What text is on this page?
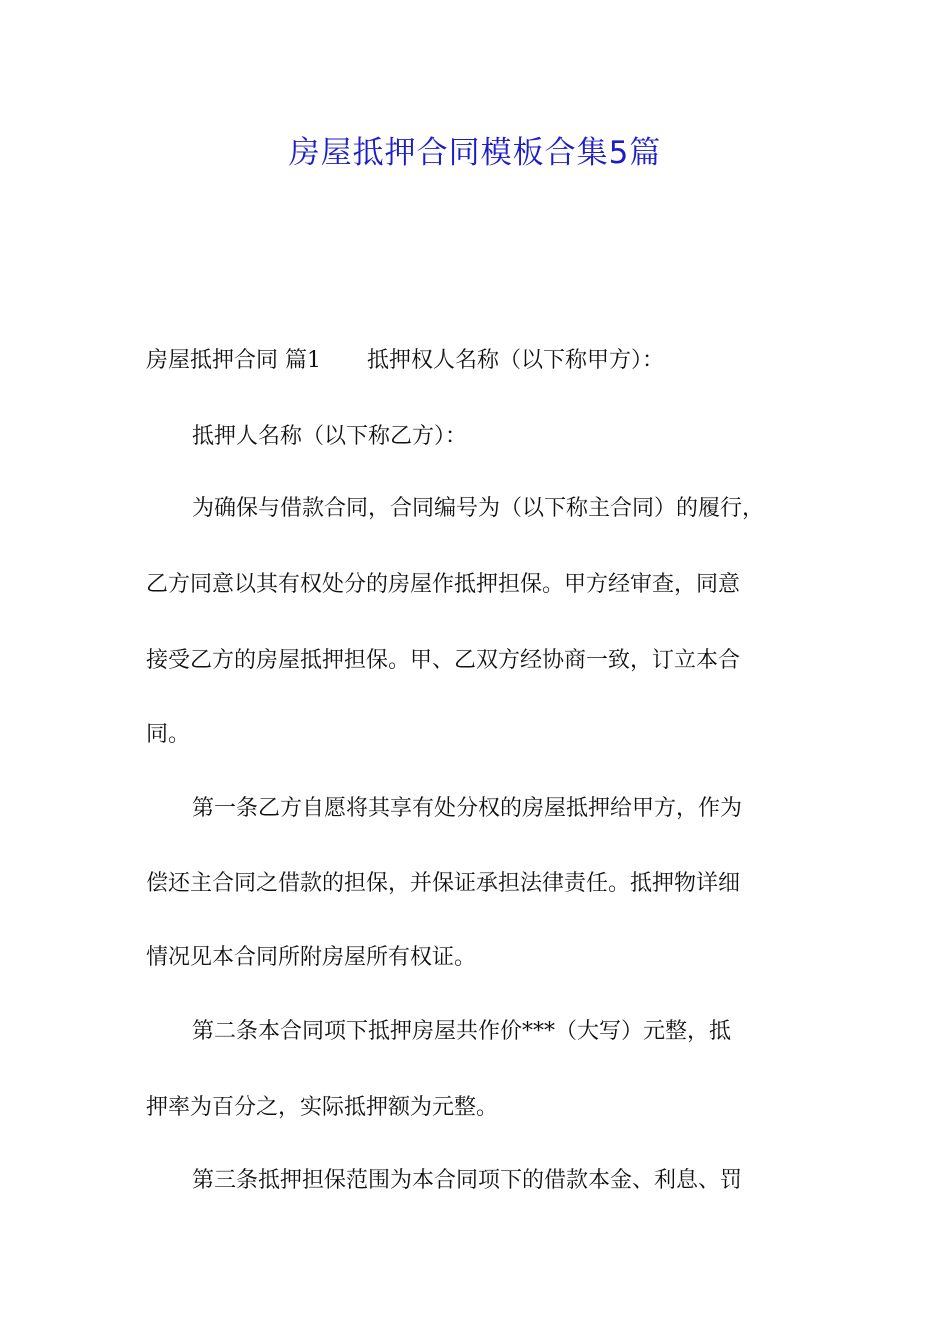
房屋抵押合同模板合集5篇
房屋抵押合同 篇1 抵押权人名称（以下称甲方）：
抵押人名称（以下称乙方）：
为确保与借款合同，合同编号为（以下称主合同）的履行，
乙方同意以其有权处分的房屋作抵押担保。甲方经审查，同意
接受乙方的房屋抵押担保。甲、乙双方经协商一致，订立本合
同。
第一条乙方自愿将其享有处分权的房屋抵押给甲方，作为
偿还主合同之借款的担保，并保证承担法律责任。抵押物详细
情况见本合同所附房屋所有权证。
第二条本合同项下抵押房屋共作价***（大写）元整，抵
押率为百分之，实际抵押额为元整。
第三条抵押担保范围为本合同项下的借款本金、利息、罚
